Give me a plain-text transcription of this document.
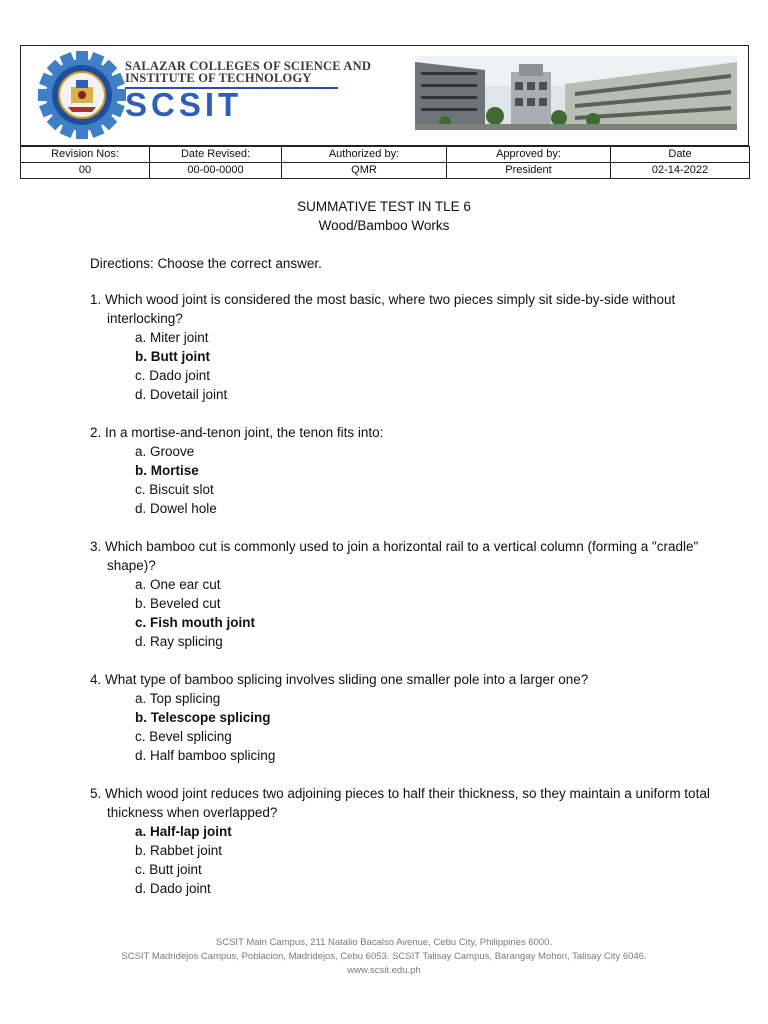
SALAZAR COLLEGES OF SCIENCE AND
INSTITUTE OF TECHNOLOGY
SCSIT
Revision Nos:	Date Revised:	Authorized by:	Approved by:	Date
00	00-00-0000	QMR	President	02-14-2022
SUMMATIVE TEST IN TLE 6
Wood/Bamboo Works
Directions: Choose the correct answer.
1. Which wood joint is considered the most basic, where two pieces simply sit side-by-side without interlocking?
a. Miter joint
b. Butt joint
c. Dado joint
d. Dovetail joint
2. In a mortise-and-tenon joint, the tenon fits into:
a. Groove
b. Mortise
c. Biscuit slot
d. Dowel hole
3. Which bamboo cut is commonly used to join a horizontal rail to a vertical column (forming a "cradle" shape)?
a. One ear cut
b. Beveled cut
c. Fish mouth joint
d. Ray splicing
4. What type of bamboo splicing involves sliding one smaller pole into a larger one?
a. Top splicing
b. Telescope splicing
c. Bevel splicing
d. Half bamboo splicing
5. Which wood joint reduces two adjoining pieces to half their thickness, so they maintain a uniform total thickness when overlapped?
a. Half-lap joint
b. Rabbet joint
c. Butt joint
d. Dado joint
SCSIT Main Campus, 211 Natalio Bacalso Avenue, Cebu City, Philippines 6000.
SCSIT Madridejos Campus, Poblacion, Madridejos, Cebu 6053. SCSIT Talisay Campus, Barangay Mohon, Talisay City 6046.
www.scsit.edu.ph
